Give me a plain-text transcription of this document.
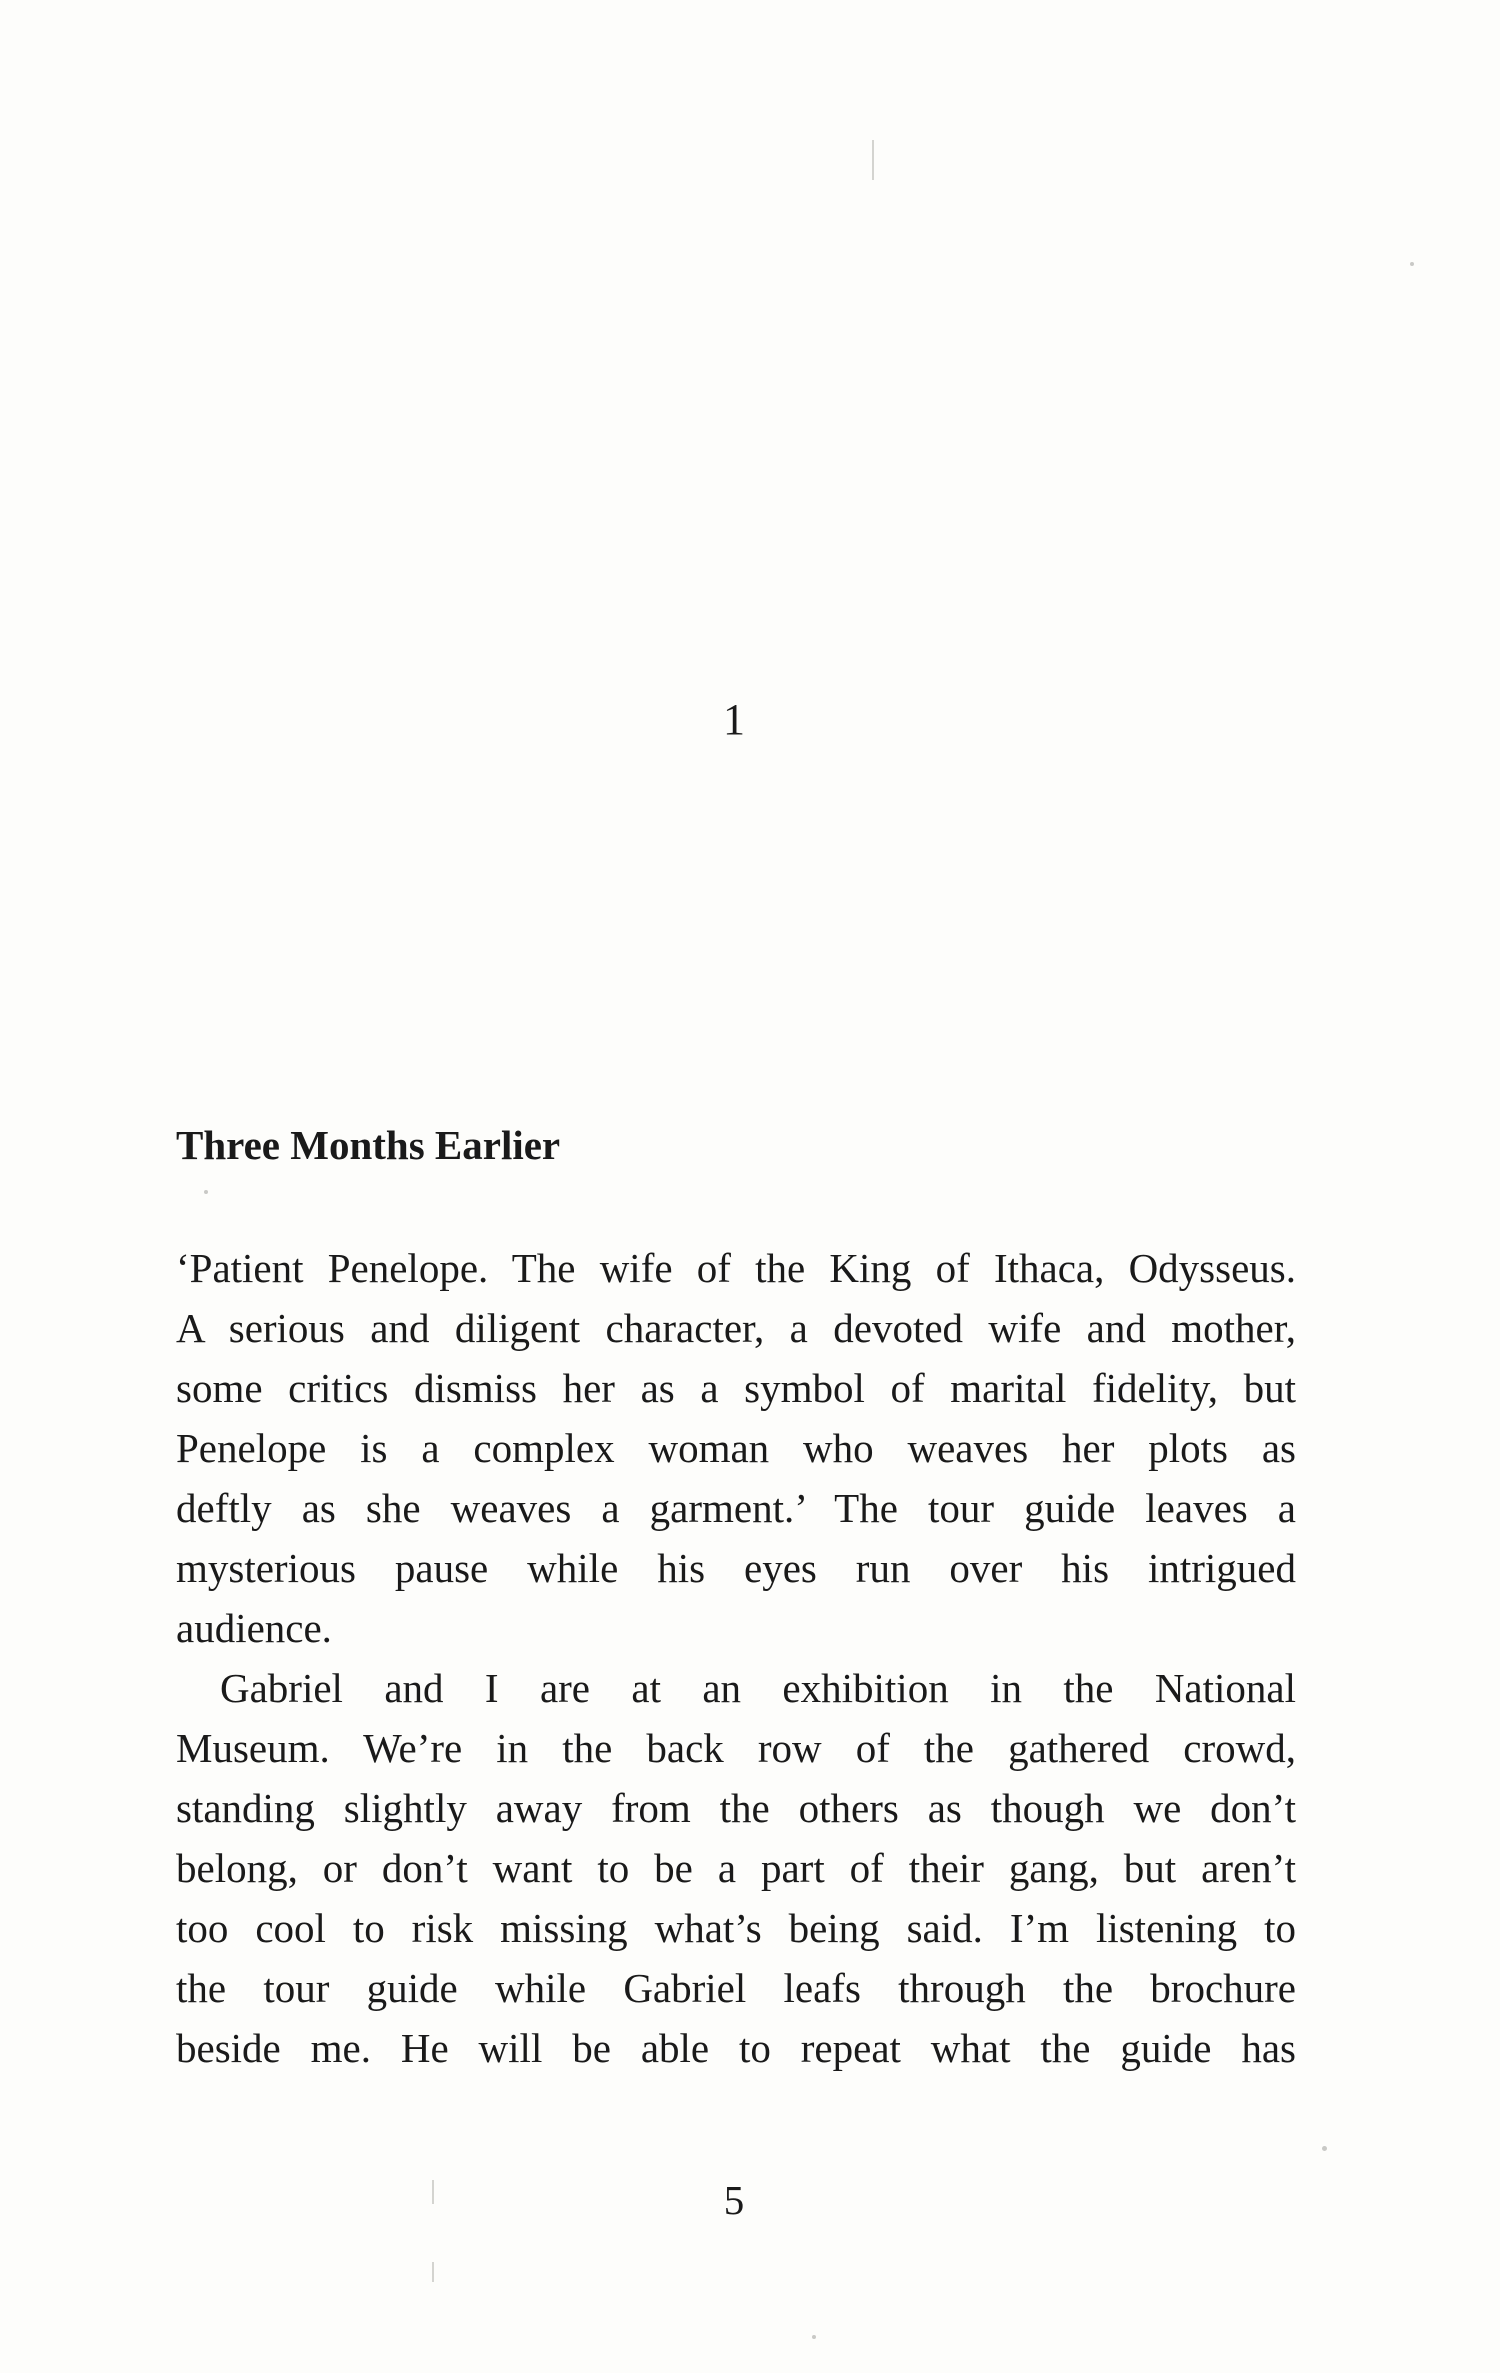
1
Three Months Earlier
‘Patient Penelope. The wife of the King of Ithaca, Odysseus.
A serious and diligent character, a devoted wife and mother,
some critics dismiss her as a symbol of marital fidelity, but
Penelope is a complex woman who weaves her plots as
deftly as she weaves a garment.’ The tour guide leaves a
mysterious pause while his eyes run over his intrigued
audience.
Gabriel and I are at an exhibition in the National
Museum. We’re in the back row of the gathered crowd,
standing slightly away from the others as though we don’t
belong, or don’t want to be a part of their gang, but aren’t
too cool to risk missing what’s being said. I’m listening to
the tour guide while Gabriel leafs through the brochure
beside me. He will be able to repeat what the guide has
5
